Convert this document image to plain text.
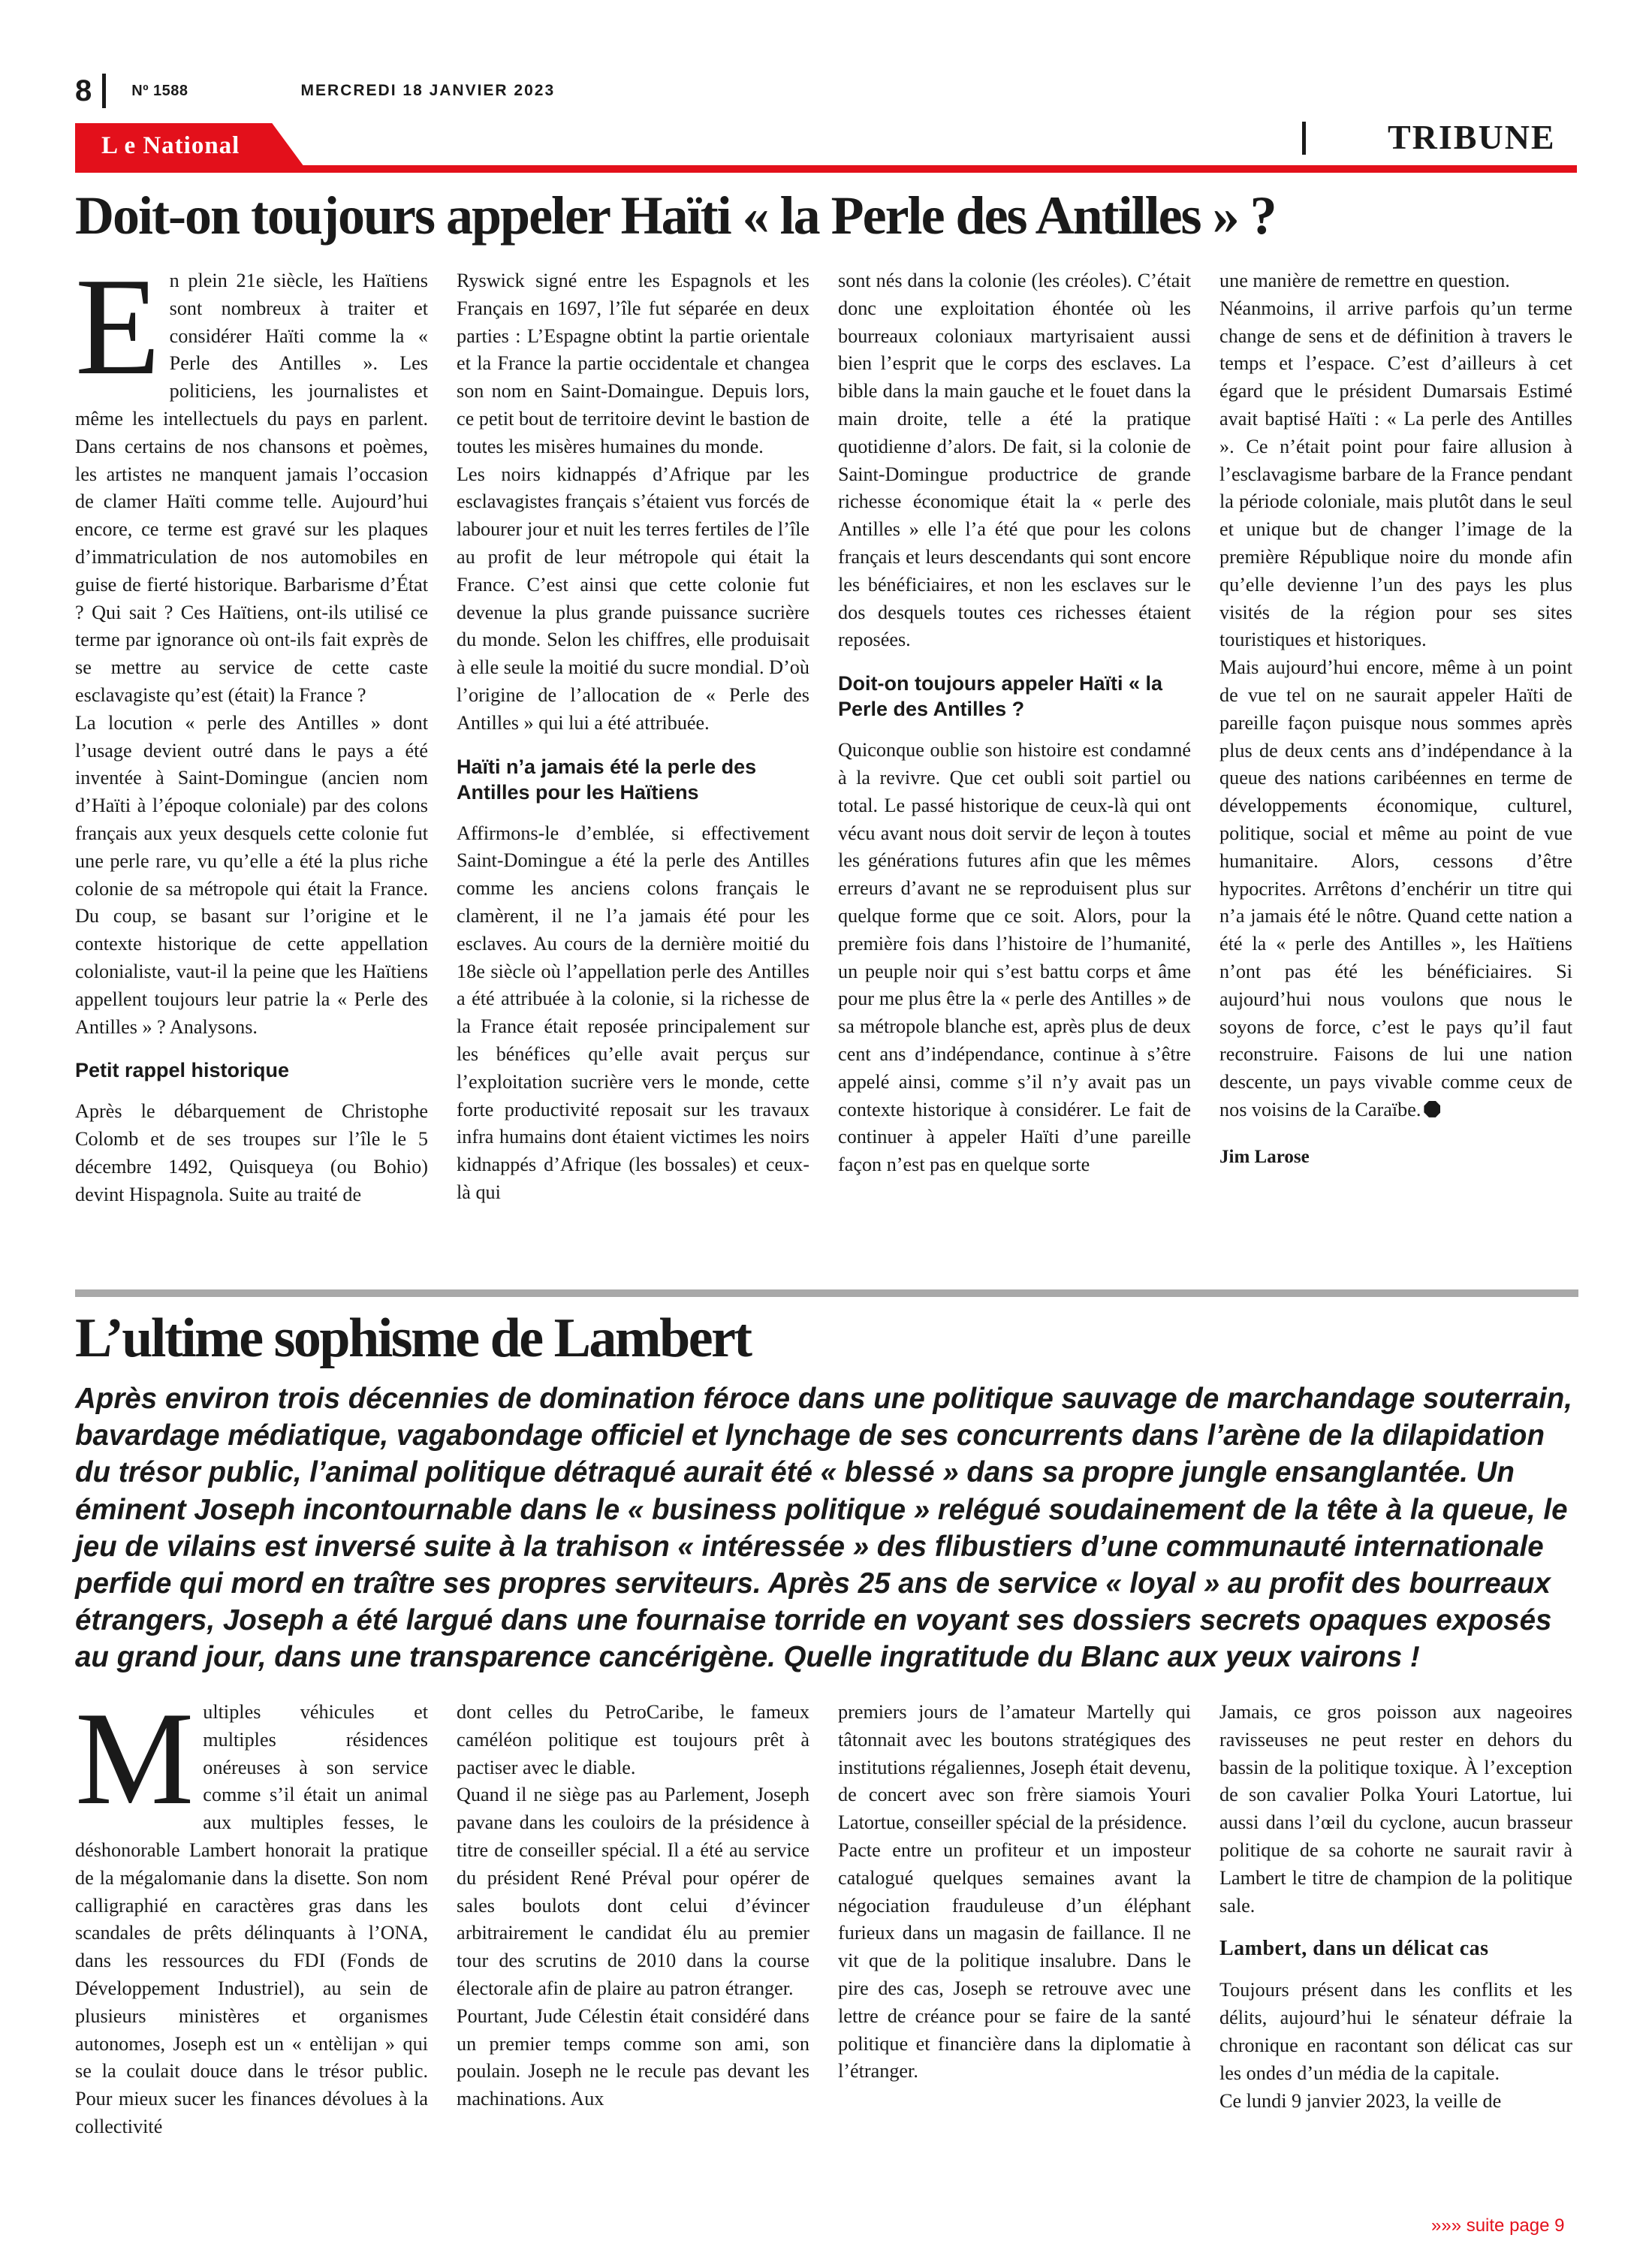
8	Nº 1588	MERCREDI 18 JANVIER 2023
L e National	TRIBUNE
Doit-on toujours appeler Haïti « la Perle des Antilles » ?

En plein 21e siècle, les Haïtiens sont nombreux à traiter et considérer Haïti comme la « Perle des Antilles ». Les politiciens, les journalistes et même les intellectuels du pays en parlent. Dans certains de nos chansons et poèmes, les artistes ne manquent jamais l’occasion de clamer Haïti comme telle. Aujourd’hui encore, ce terme est gravé sur les plaques d’immatriculation de nos automobiles en guise de fierté historique. Barbarisme d’État ? Qui sait ? Ces Haïtiens, ont-ils utilisé ce terme par ignorance où ont-ils fait exprès de se mettre au service de cette caste esclavagiste qu’est (était) la France ?

La locution « perle des Antilles » dont l’usage devient outré dans le pays a été inventée à Saint-Domingue (ancien nom d’Haïti à l’époque coloniale) par des colons français aux yeux desquels cette colonie fut une perle rare, vu qu’elle a été la plus riche colonie de sa métropole qui était la France. Du coup, se basant sur l’origine et le contexte historique de cette appellation colonialiste, vaut-il la peine que les Haïtiens appellent toujours leur patrie la « Perle des Antilles » ? Analysons.

Petit rappel historique

Après le débarquement de Christophe Colomb et de ses troupes sur l’île le 5 décembre 1492, Quisqueya (ou Bohio) devint Hispagnola. Suite au traité de

Ryswick signé entre les Espagnols et les Français en 1697, l’île fut séparée en deux parties : L’Espagne obtint la partie orientale et la France la partie occidentale et changea son nom en Saint-Domaingue. Depuis lors, ce petit bout de territoire devint le bastion de toutes les misères humaines du monde.

Les noirs kidnappés d’Afrique par les esclavagistes français s’étaient vus forcés de labourer jour et nuit les terres fertiles de l’île au profit de leur métropole qui était la France. C’est ainsi que cette colonie fut devenue la plus grande puissance sucrière du monde. Selon les chiffres, elle produisait à elle seule la moitié du sucre mondial. D’où l’origine de l’allocation de « Perle des Antilles » qui lui a été attribuée.

Haïti n’a jamais été la perle des Antilles pour les Haïtiens

Affirmons-le d’emblée, si effectivement Saint-Domingue a été la perle des Antilles comme les anciens colons français le clamèrent, il ne l’a jamais été pour les esclaves. Au cours de la dernière moitié du 18e siècle où l’appellation perle des Antilles a été attribuée à la colonie, si la richesse de la France était reposée principalement sur les bénéfices qu’elle avait perçus sur l’exploitation sucrière vers le monde, cette forte productivité reposait sur les travaux infra humains dont étaient victimes les noirs kidnappés d’Afrique (les bossales) et ceux-là qui

sont nés dans la colonie (les créoles). C’était donc une exploitation éhontée où les bourreaux coloniaux martyrisaient aussi bien l’esprit que le corps des esclaves. La bible dans la main gauche et le fouet dans la main droite, telle a été la pratique quotidienne d’alors. De fait, si la colonie de Saint-Domingue productrice de grande richesse économique était la « perle des Antilles » elle l’a été que pour les colons français et leurs descendants qui sont encore les bénéficiaires, et non les esclaves sur le dos desquels toutes ces richesses étaient reposées.

Doit-on toujours appeler Haïti « la Perle des Antilles ?

Quiconque oublie son histoire est condamné à la revivre. Que cet oubli soit partiel ou total. Le passé historique de ceux-là qui ont vécu avant nous doit servir de leçon à toutes les générations futures afin que les mêmes erreurs d’avant ne se reproduisent plus sur quelque forme que ce soit. Alors, pour la première fois dans l’histoire de l’humanité, un peuple noir qui s’est battu corps et âme pour me plus être la « perle des Antilles » de sa métropole blanche est, après plus de deux cent ans d’indépendance, continue à s’être appelé ainsi, comme s’il n’y avait pas un contexte historique à considérer. Le fait de continuer à appeler Haïti d’une pareille façon n’est pas en quelque sorte

une manière de remettre en question.

Néanmoins, il arrive parfois qu’un terme change de sens et de définition à travers le temps et l’espace. C’est d’ailleurs à cet égard que le président Dumarsais Estimé avait baptisé Haïti : « La perle des Antilles ». Ce n’était point pour faire allusion à l’esclavagisme barbare de la France pendant la période coloniale, mais plutôt dans le seul et unique but de changer l’image de la première République noire du monde afin qu’elle devienne l’un des pays les plus visités de la région pour ses sites touristiques et historiques.

Mais aujourd’hui encore, même à un point de vue tel on ne saurait appeler Haïti de pareille façon puisque nous sommes après plus de deux cents ans d’indépendance à la queue des nations caribéennes en terme de développements économique, culturel, politique, social et même au point de vue humanitaire. Alors, cessons d’être hypocrites. Arrêtons d’enchérir un titre qui n’a jamais été le nôtre. Quand cette nation a été la « perle des Antilles », les Haïtiens n’ont pas été les bénéficiaires. Si aujourd’hui nous voulons que nous le soyons de force, c’est le pays qu’il faut reconstruire. Faisons de lui une nation descente, un pays vivable comme ceux de nos voisins de la Caraïbe.

Jim Larose
L’ultime sophisme de Lambert
Après environ trois décennies de domination féroce dans une politique sauvage de marchandage souterrain, bavardage médiatique, vagabondage officiel et lynchage de ses concurrents dans l’arène de la dilapidation du trésor public, l’animal politique détraqué aurait été « blessé » dans sa propre jungle ensanglantée. Un éminent Joseph incontournable dans le « business politique » relégué soudainement de la tête à la queue, le jeu de vilains est inversé suite à la trahison « intéressée » des flibustiers d’une communauté internationale perfide qui mord en traître ses propres serviteurs. Après 25 ans de service « loyal » au profit des bourreaux étrangers, Joseph a été largué dans une fournaise torride en voyant ses dossiers secrets opaques exposés au grand jour, dans une transparence cancérigène. Quelle ingratitude du Blanc aux yeux vairons !

Multiples véhicules et multiples résidences onéreuses à son service comme s’il était un animal aux multiples fesses, le déshonorable Lambert honorait la pratique de la mégalomanie dans la disette. Son nom calligraphié en caractères gras dans les scandales de prêts délinquants à l’ONA, dans les ressources du FDI (Fonds de Développement Industriel), au sein de plusieurs ministères et organismes autonomes, Joseph est un « entèlijan » qui se la coulait douce dans le trésor public. Pour mieux sucer les finances dévolues à la collectivité

dont celles du PetroCaribe, le fameux caméléon politique est toujours prêt à pactiser avec le diable.

Quand il ne siège pas au Parlement, Joseph pavane dans les couloirs de la présidence à titre de conseiller spécial. Il a été au service du président René Préval pour opérer de sales boulots dont celui d’évincer arbitrairement le candidat élu au premier tour des scrutins de 2010 dans la course électorale afin de plaire au patron étranger.

Pourtant, Jude Célestin était considéré dans un premier temps comme son ami, son poulain. Joseph ne le recule pas devant les machinations. Aux

premiers jours de l’amateur Martelly qui tâtonnait avec les boutons stratégiques des institutions régaliennes, Joseph était devenu, de concert avec son frère siamois Youri Latortue, conseiller spécial de la présidence.

Pacte entre un profiteur et un imposteur catalogué quelques semaines avant la négociation frauduleuse d’un éléphant furieux dans un magasin de faillance. Il ne vit que de la politique insalubre. Dans le pire des cas, Joseph se retrouve avec une lettre de créance pour se faire de la santé politique et financière dans la diplomatie à l’étranger.

Jamais, ce gros poisson aux nageoires ravisseuses ne peut rester en dehors du bassin de la politique toxique. À l’exception de son cavalier Polka Youri Latortue, lui aussi dans l’œil du cyclone, aucun brasseur politique de sa cohorte ne saurait ravir à Lambert le titre de champion de la politique sale.

Lambert, dans un délicat cas

Toujours présent dans les conflits et les délits, aujourd’hui le sénateur défraie la chronique en racontant son délicat cas sur les ondes d’un média de la capitale.

Ce lundi 9 janvier 2023, la veille de

»»» suite page 9
